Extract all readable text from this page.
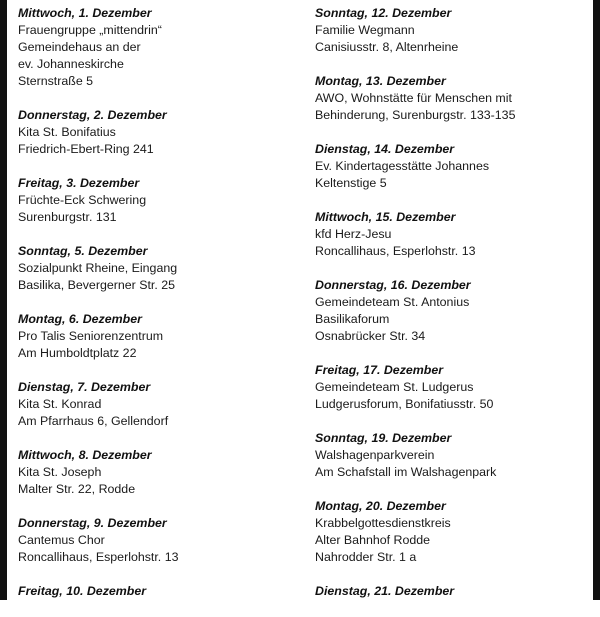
Mittwoch, 1. Dezember
Frauengruppe „mittendrin“
Gemeindehaus an der
ev. Johanneskirche
Sternstraße 5
Donnerstag, 2. Dezember
Kita St. Bonifatius
Friedrich-Ebert-Ring 241
Freitag, 3. Dezember
Früchte-Eck Schwering
Surenburgstr. 131
Sonntag, 5. Dezember
Sozialpunkt Rheine, Eingang
Basilika, Bevergerner Str. 25
Montag, 6. Dezember
Pro Talis Seniorenzentrum
Am Humboldtplatz 22
Dienstag, 7. Dezember
Kita St. Konrad
Am Pfarrhaus 6, Gellendorf
Mittwoch, 8. Dezember
Kita St. Joseph
Malter Str. 22, Rodde
Donnerstag, 9. Dezember
Cantemus Chor
Roncallihaus, Esperlohstr. 13
Freitag, 10. Dezember
Sonntag, 12. Dezember
Familie Wegmann
Canisiusstr. 8, Altenrheine
Montag, 13. Dezember
AWO, Wohnstätte für Menschen mit
Behinderung, Surenburgstr. 133-135
Dienstag, 14. Dezember
Ev. Kindertagesstätte Johannes
Keltenstige 5
Mittwoch, 15. Dezember
kfd Herz-Jesu
Roncallihaus, Esperlohstr. 13
Donnerstag, 16. Dezember
Gemeindeteam St. Antonius
Basilikaforum
Osnabrücker Str. 34
Freitag, 17. Dezember
Gemeindeteam St. Ludgerus
Ludgerusforum, Bonifatiusstr. 50
Sonntag, 19. Dezember
Walshagenparkverein
Am Schafstall im Walshagenpark
Montag, 20. Dezember
Krabbelgottesdienstkreis
Alter Bahnhof Rodde
Nahrodder Str. 1 a
Dienstag, 21. Dezember
